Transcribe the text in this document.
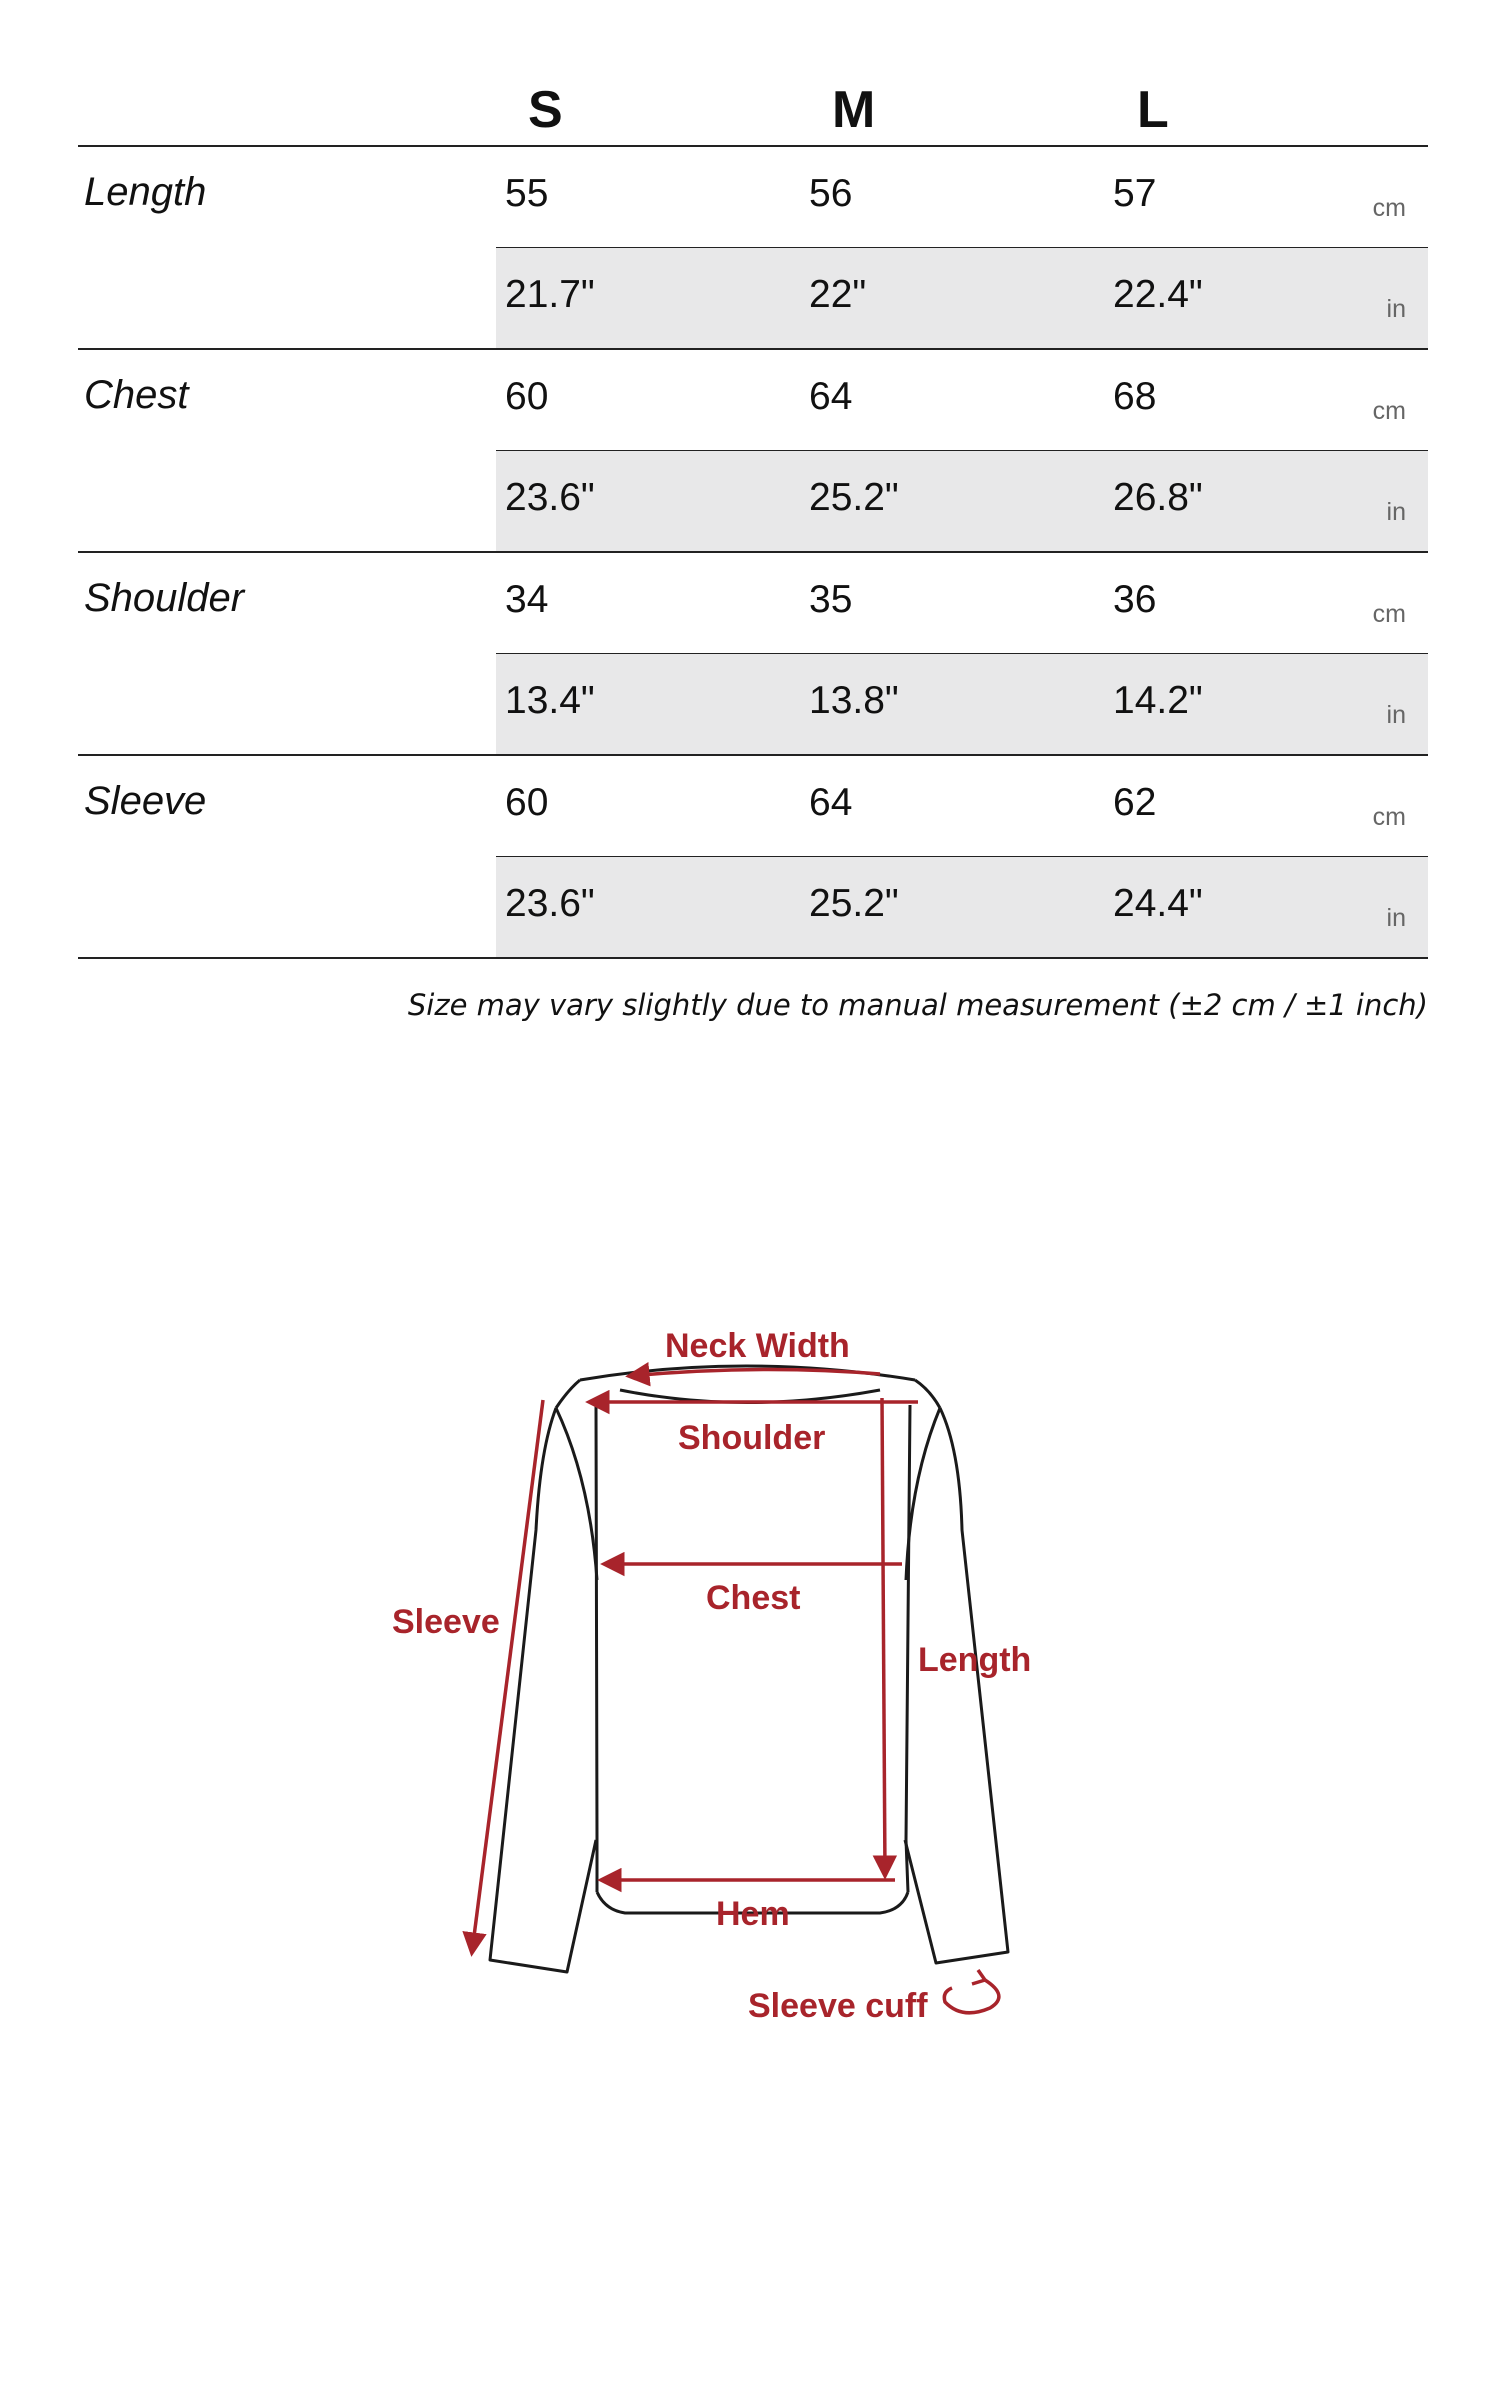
S	M	L
Length	55	56	57	cm
21.7"	22"	22.4"	in
Chest	60	64	68	cm
23.6"	25.2"	26.8"	in
Shoulder	34	35	36	cm
13.4"	13.8"	14.2"	in
Sleeve	60	64	62	cm
23.6"	25.2"	24.4"	in
Size may vary slightly due to manual measurement (±2 cm / ±1 inch)
Neck Width
Shoulder
Chest
Sleeve
Length
Hem
Sleeve cuff
